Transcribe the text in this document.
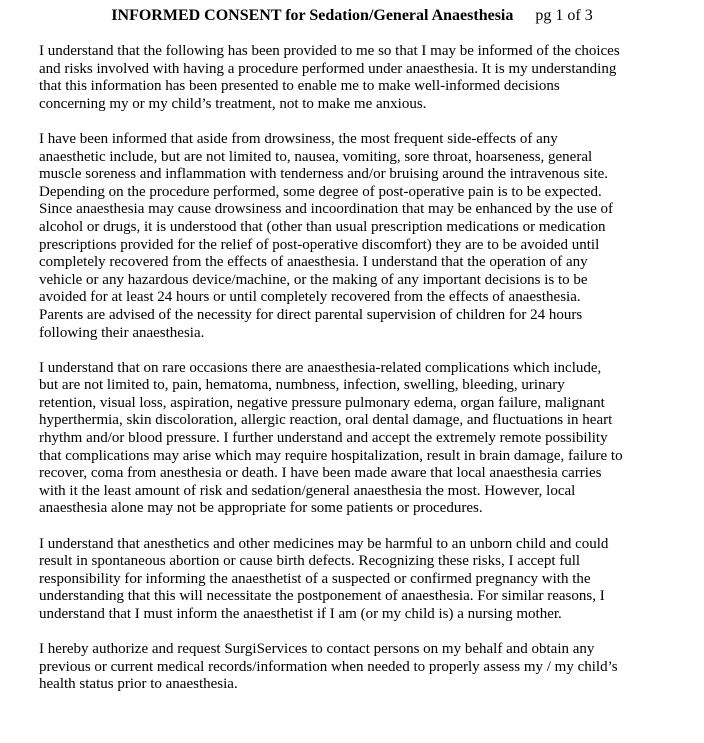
INFORMED CONSENT for Sedation/General Anaesthesia pg 1 of 3
I understand that the following has been provided to me so that I may be informed of the choices
and risks involved with having a procedure performed under anaesthesia. It is my understanding
that this information has been presented to enable me to make well-informed decisions
concerning my or my child’s treatment, not to make me anxious.
I have been informed that aside from drowsiness, the most frequent side-effects of any
anaesthetic include, but are not limited to, nausea, vomiting, sore throat, hoarseness, general
muscle soreness and inflammation with tenderness and/or bruising around the intravenous site.
Depending on the procedure performed, some degree of post-operative pain is to be expected.
Since anaesthesia may cause drowsiness and incoordination that may be enhanced by the use of
alcohol or drugs, it is understood that (other than usual prescription medications or medication
prescriptions provided for the relief of post-operative discomfort) they are to be avoided until
completely recovered from the effects of anaesthesia. I understand that the operation of any
vehicle or any hazardous device/machine, or the making of any important decisions is to be
avoided for at least 24 hours or until completely recovered from the effects of anaesthesia.
Parents are advised of the necessity for direct parental supervision of children for 24 hours
following their anaesthesia.
I understand that on rare occasions there are anaesthesia-related complications which include,
but are not limited to, pain, hematoma, numbness, infection, swelling, bleeding, urinary
retention, visual loss, aspiration, negative pressure pulmonary edema, organ failure, malignant
hyperthermia, skin discoloration, allergic reaction, oral dental damage, and fluctuations in heart
rhythm and/or blood pressure. I further understand and accept the extremely remote possibility
that complications may arise which may require hospitalization, result in brain damage, failure to
recover, coma from anesthesia or death. I have been made aware that local anaesthesia carries
with it the least amount of risk and sedation/general anaesthesia the most. However, local
anaesthesia alone may not be appropriate for some patients or procedures.
I understand that anesthetics and other medicines may be harmful to an unborn child and could
result in spontaneous abortion or cause birth defects. Recognizing these risks, I accept full
responsibility for informing the anaesthetist of a suspected or confirmed pregnancy with the
understanding that this will necessitate the postponement of anaesthesia. For similar reasons, I
understand that I must inform the anaesthetist if I am (or my child is) a nursing mother.
I hereby authorize and request SurgiServices to contact persons on my behalf and obtain any
previous or current medical records/information when needed to properly assess my / my child’s
health status prior to anaesthesia.
